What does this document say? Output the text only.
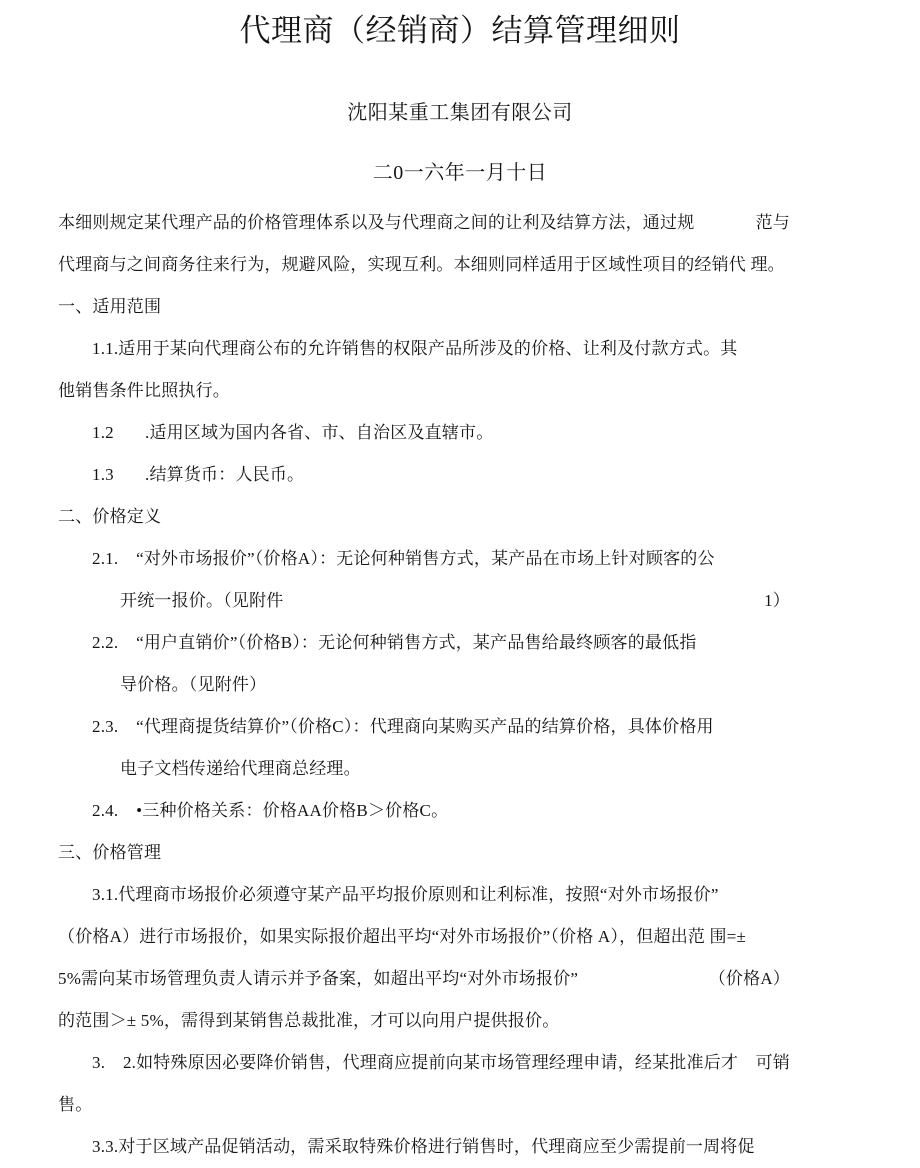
代理商（经销商）结算管理细则
沈阳某重工集团有限公司
二0一六年一月十日
本细则规定某代理产品的价格管理体系以及与代理商之间的让利及结算方法，通过规	范与
代理商与之间商务往来行为，规避风险，实现互利。本细则同样适用于区域性项目的经销代 理。
一、适用范围
1.1.适用于某向代理商公布的允许销售的权限产品所涉及的价格、让利及付款方式。其
他销售条件比照执行。
1.2       .适用区域为国内各省、市、自治区及直辖市。
1.3       .结算货币：人民币。
二、价格定义
2.1.    “对外市场报价”（价格A）：无论何种销售方式，某产品在市场上针对顾客的公
开统一报价。（见附件	1）
2.2.    “用户直销价”（价格B）：无论何种销售方式，某产品售给最终顾客的最低指
导价格。（见附件）
2.3.    “代理商提货结算价”（价格C）：代理商向某购买产品的结算价格，具体价格用
电子文档传递给代理商总经理。
2.4.    •三种价格关系：价格AA价格B＞价格C。
三、价格管理
3.1.代理商市场报价必须遵守某产品平均报价原则和让利标准，按照“对外市场报价”
（价格A）进行市场报价，如果实际报价超出平均“对外市场报价”（价格 A），但超出范 围=±
5%需向某市场管理负责人请示并予备案，如超出平均“对外市场报价”	（价格A）
的范围＞± 5%，需得到某销售总裁批准，才可以向用户提供报价。
3.    2.如特殊原因必要降价销售，代理商应提前向某市场管理经理申请，经某批准后才 可销
售。
3.3.对于区域产品促销活动，需采取特殊价格进行销售时，代理商应至少需提前一周将促
